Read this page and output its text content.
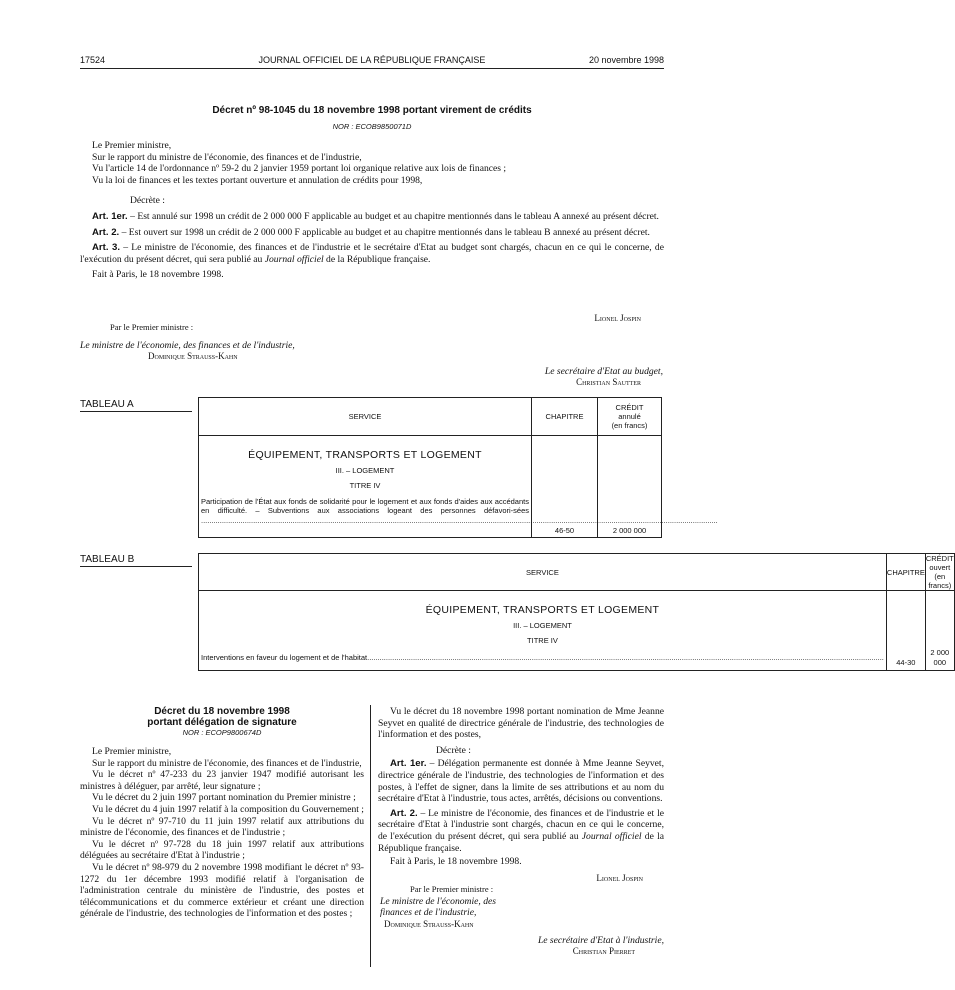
17524	JOURNAL OFFICIEL DE LA RÉPUBLIQUE FRANÇAISE	20 novembre 1998
Décret nº 98-1045 du 18 novembre 1998 portant virement de crédits
NOR : ECOB9850071D

Le Premier ministre,

Sur le rapport du ministre de l'économie, des finances et de l'industrie,

Vu l'article 14 de l'ordonnance nº 59-2 du 2 janvier 1959 portant loi organique relative aux lois de finances ;

Vu la loi de finances et les textes portant ouverture et annulation de crédits pour 1998,

Décrète :

Art. 1er. – Est annulé sur 1998 un crédit de 2 000 000 F applicable au budget et au chapitre mentionnés dans le tableau A annexé au présent décret.

Art. 2. – Est ouvert sur 1998 un crédit de 2 000 000 F applicable au budget et au chapitre mentionnés dans le tableau B annexé au présent décret.

Art. 3. – Le ministre de l'économie, des finances et de l'industrie et le secrétaire d'Etat au budget sont chargés, chacun en ce qui le concerne, de l'exécution du présent décret, qui sera publié au Journal officiel de la République française.

Fait à Paris, le 18 novembre 1998.

Lionel Jospin
Par le Premier ministre :
Le ministre de l'économie, des finances et de l'industrie,
Dominique Strauss-Kahn
Le secrétaire d'Etat au budget,
Christian Sautter
TABLEAU A
SERVICE	CHAPITRE	CRÉDIT
annulé
(en francs)

ÉQUIPEMENT, TRANSPORTS ET LOGEMENT
III. – LOGEMENT
TITRE IV
Participation de l'État aux fonds de solidarité pour le logement et aux fonds d'aides aux accédants en difficulté. – Subventions aux associations logeant des personnes défavori-sées.....	46-50	2 000 000
TABLEAU B
SERVICE	CHAPITRE	CRÉDIT
ouvert
(en francs)

ÉQUIPEMENT, TRANSPORTS ET LOGEMENT
III. – LOGEMENT
TITRE IV
Interventions en faveur du logement et de l'habitat
.....	44-30	2 000 000
Décret du 18 novembre 1998
portant délégation de signature
NOR : ECOP9800674D

Le Premier ministre,

Sur le rapport du ministre de l'économie, des finances et de l'industrie,

Vu le décret nº 47-233 du 23 janvier 1947 modifié autorisant les ministres à déléguer, par arrêté, leur signature ;

Vu le décret du 2 juin 1997 portant nomination du Premier ministre ;

Vu le décret du 4 juin 1997 relatif à la composition du Gouvernement ;

Vu le décret nº 97-710 du 11 juin 1997 relatif aux attributions du ministre de l'économie, des finances et de l'industrie ;

Vu le décret nº 97-728 du 18 juin 1997 relatif aux attributions déléguées au secrétaire d'Etat à l'industrie ;

Vu le décret nº 98-979 du 2 novembre 1998 modifiant le décret nº 93-1272 du 1er décembre 1993 modifié relatif à l'organisation de l'administration centrale du ministère de l'industrie, des postes et télécommunications et du commerce extérieur et créant une direction générale de l'industrie, des technologies de l'information et des postes ;

Vu le décret du 18 novembre 1998 portant nomination de Mme Jeanne Seyvet en qualité de directrice générale de l'industrie, des technologies de l'information et des postes,

Décrète :

Art. 1er. – Délégation permanente est donnée à Mme Jeanne Seyvet, directrice générale de l'industrie, des technologies de l'information et des postes, à l'effet de signer, dans la limite de ses attributions et au nom du secrétaire d'Etat à l'industrie, tous actes, arrêtés, décisions ou conventions.

Art. 2. – Le ministre de l'économie, des finances et de l'industrie et le secrétaire d'Etat à l'industrie sont chargés, chacun en ce qui le concerne, de l'exécution du présent décret, qui sera publié au Journal officiel de la République française.

Fait à Paris, le 18 novembre 1998.

Lionel Jospin
Par le Premier ministre :
Le ministre de l'économie, des finances et de l'industrie,
Dominique Strauss-Kahn
Le secrétaire d'Etat à l'industrie,
Christian Pierret
